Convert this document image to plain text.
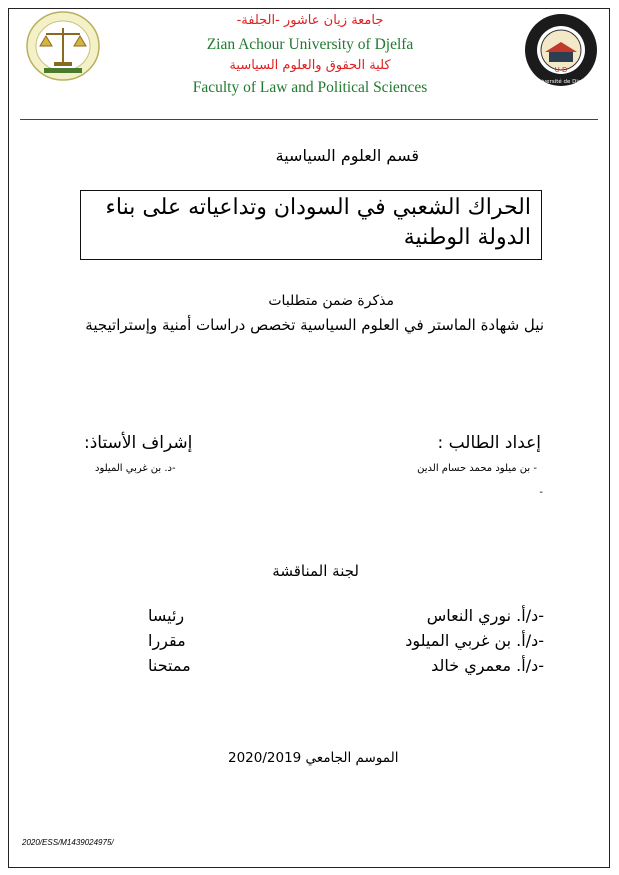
U D
Université de Djelfa
جامعة زيان عاشور -الجلفة-
Zian Achour University of Djelfa
كلية الحقوق والعلوم السياسية
Faculty of Law and Political Sciences
قسم العلوم السياسية
الحراك الشعبي في السودان وتداعياته على بناء الدولة الوطنية
مذكرة ضمن متطلبات
نيل شهادة الماستر في العلوم السياسية تخصص دراسات أمنية وإستراتيجية
إعداد الطالب :
- بن ميلود محمد حسام الدين
-
إشراف الأستاذ:
-د. بن غربي الميلود
لجنة المناقشة
-د/أ. نوري النعاس
رئيسا
-د/أ. بن غربي الميلود
مقررا
-د/أ. معمري خالد
ممتحنا
الموسم الجامعي 2020/2019
2020/ESS/M1439024975/
